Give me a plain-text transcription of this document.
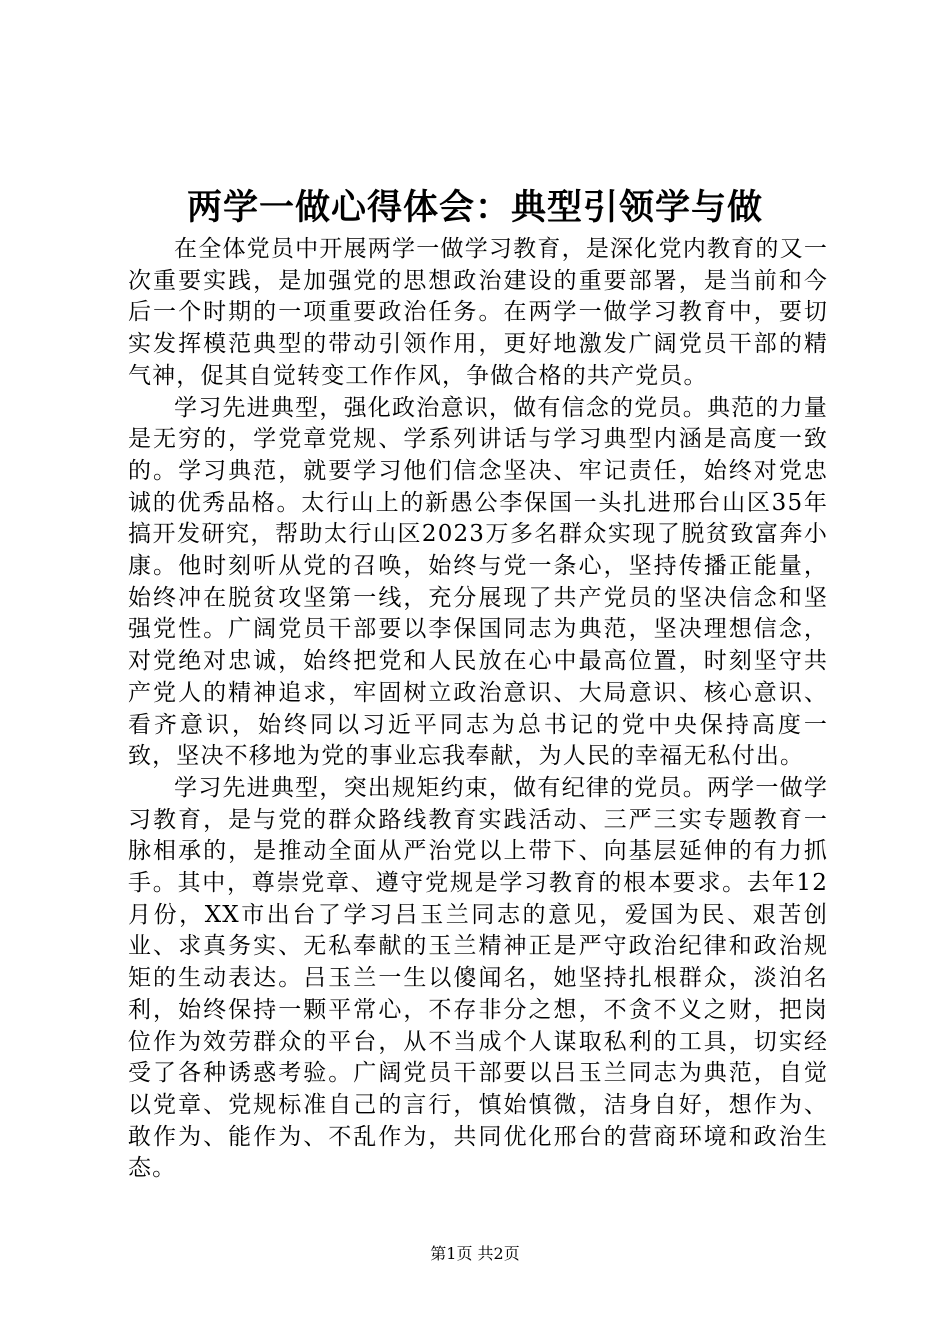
两学一做心得体会：典型引领学与做

在全体党员中开展两学一做学习教育，是深化党内教育的又一次重要实践，是加强党的思想政治建设的重要部署，是当前和今后一个时期的一项重要政治任务。在两学一做学习教育中，要切实发挥模范典型的带动引领作用，更好地激发广阔党员干部的精气神，促其自觉转变工作作风，争做合格的共产党员。

学习先进典型，强化政治意识，做有信念的党员。典范的力量是无穷的，学党章党规、学系列讲话与学习典型内涵是高度一致的。学习典范，就要学习他们信念坚决、牢记责任，始终对党忠诚的优秀品格。太行山上的新愚公李保国一头扎进邢台山区35年搞开发研究，帮助太行山区2023万多名群众实现了脱贫致富奔小康。他时刻听从党的召唤，始终与党一条心，坚持传播正能量，始终冲在脱贫攻坚第一线，充分展现了共产党员的坚决信念和坚强党性。广阔党员干部要以李保国同志为典范，坚决理想信念，对党绝对忠诚，始终把党和人民放在心中最高位置，时刻坚守共产党人的精神追求，牢固树立政治意识、大局意识、核心意识、看齐意识，始终同以习近平同志为总书记的党中央保持高度一致，坚决不移地为党的事业忘我奉献，为人民的幸福无私付出。

学习先进典型，突出规矩约束，做有纪律的党员。两学一做学习教育，是与党的群众路线教育实践活动、三严三实专题教育一脉相承的，是推动全面从严治党以上带下、向基层延伸的有力抓手。其中，尊崇党章、遵守党规是学习教育的根本要求。去年12月份，XX市出台了学习吕玉兰同志的意见，爱国为民、艰苦创业、求真务实、无私奉献的玉兰精神正是严守政治纪律和政治规矩的生动表达。吕玉兰一生以傻闻名，她坚持扎根群众，淡泊名利，始终保持一颗平常心，不存非分之想，不贪不义之财，把岗位作为效劳群众的平台，从不当成个人谋取私利的工具，切实经受了各种诱惑考验。广阔党员干部要以吕玉兰同志为典范，自觉以党章、党规标准自己的言行，慎始慎微，洁身自好，想作为、敢作为、能作为、不乱作为，共同优化邢台的营商环境和政治生态。

第1页 共2页
